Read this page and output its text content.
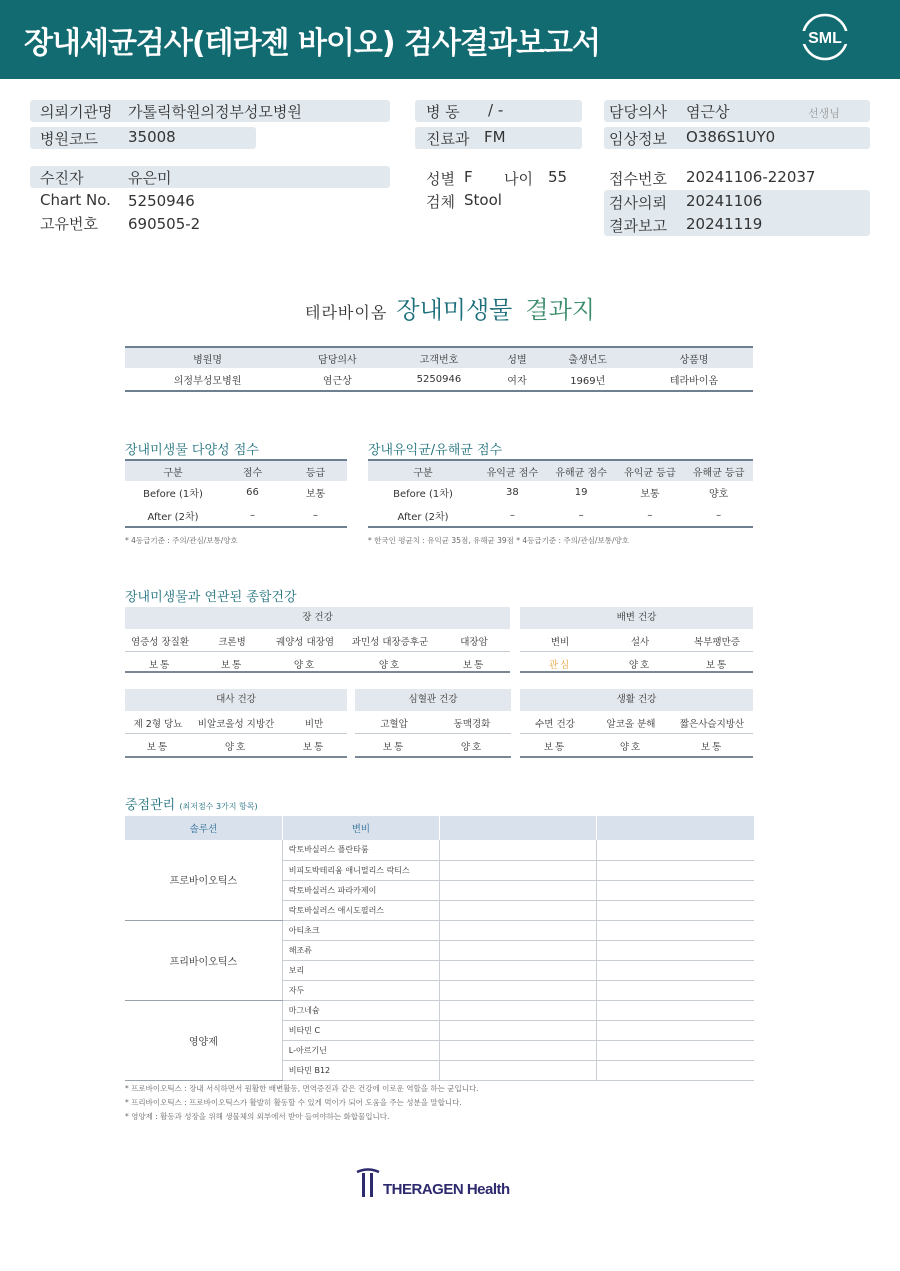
장내세균검사(테라젠 바이오) 검사결과보고서	SML
의뢰기관명 가톨릭학원의정부성모병원
병원코드 35008
병 동 / -
진료과 FM
담당의사 염근상	선생님
임상정보 O386S1UY0
수진자	유은미
Chart No. 5250946
고유번호 690505-2
성별 F 나이 55
검체 Stool
접수번호 20241106-22037
검사의뢰 20241106
결과보고 20241119
테라바이옴 장내미생물 결과지
병원명	담당의사	고객번호	성별	출생년도	상품명
의정부성모병원	염근상	5250946	여자	1969년	테라바이옴
장내미생물 다양성 점수
구분	점수	등급
Before (1차)	66	보통
After (2차)	–	–
* 4등급기준 : 주의/관심/보통/양호
장내유익균/유해균 점수
구분	유익균 점수	유해균 점수	유익균 등급	유해균 등급
Before (1차)	38	19	보통	양호
After (2차)	–	–	–	–
* 한국인 평균치 : 유익균 35점, 유해균 39점 * 4등급기준 : 주의/관심/보통/양호
장내미생물과 연관된 종합건강
장 건강
염증성 장질환	크론병	궤양성 대장염	과민성 대장증후군	대장암
보통	보통	양호	양호	보통
배변 건강
변비	설사	복부팽만증
관심	양호	보통
대사 건강
제 2형 당뇨	비알코올성 지방간	비만
보통	양호	보통
심혈관 건강
고혈압	동맥경화
보통	양호
생활 건강
수면 건강	알코올 분해	짧은사슬지방산
보통	양호	보통
중점관리 (최저점수 3가지 항목)
솔루션	변비		
프로바이오틱스	락토바실러스 플란타룸		
	비피도박테리움 애니멀리스 락티스		
	락토바실러스 파라카제이		
	락토바실러스 애시도필러스		
프리바이오틱스	아티초크		
	해조류		
	보리		
	자두		
영양제	마그네슘		
	비타민 C		
	L-아르기닌		
	비타민 B12		
* 프로바이오틱스 : 장내 서식하면서 원활한 배변활동, 면역증진과 같은 건강에 이로운 역할을 하는 균입니다.
* 프리바이오틱스 : 프로바이오틱스가 활발히 활동할 수 있게 먹이가 되어 도움을 주는 성분을 말합니다.
* 영양제 : 활동과 성장을 위해 생물체의 외부에서 받아 들여야하는 화합물입니다.
THERAGEN Health
